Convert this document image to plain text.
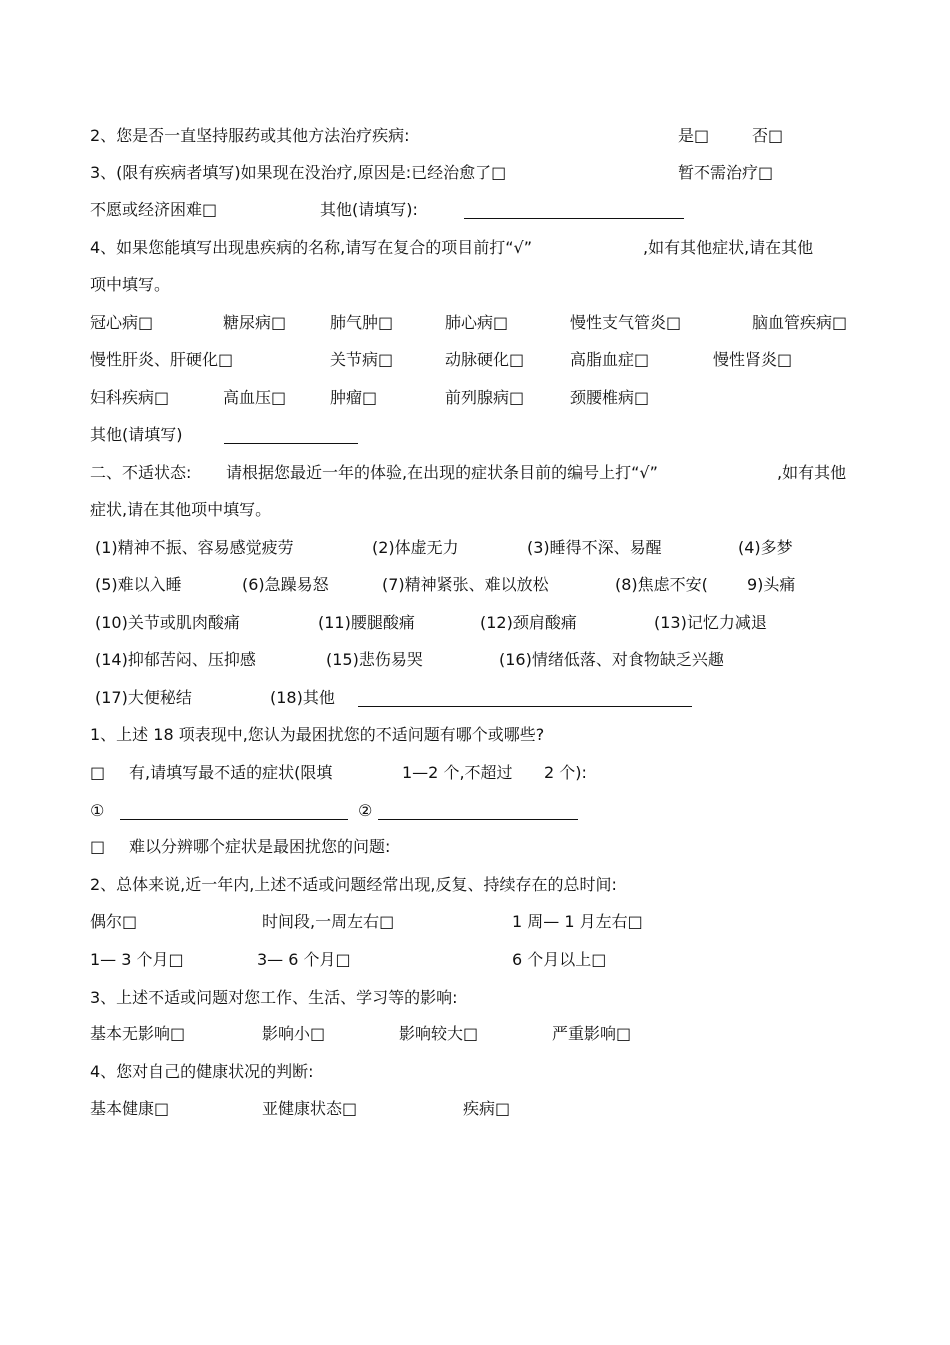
2、您是否一直坚持服药或其他方法治疗疾病:	是□	否□
3、(限有疾病者填写)如果现在没治疗,原因是:已经治愈了□	暂不需治疗□
不愿或经济困难□	其他(请填写):
4、如果您能填写出现患疾病的名称,请写在复合的项目前打“√”	,如有其他症状,请在其他
项中填写。
冠心病□	糖尿病□	肺气肿□	肺心病□	慢性支气管炎□	脑血管疾病□
慢性肝炎、肝硬化□	关节病□	动脉硬化□	高脂血症□	慢性肾炎□
妇科疾病□	高血压□	肿瘤□	前列腺病□	颈腰椎病□
其他(请填写)
二、不适状态: 请根据您最近一年的体验,在出现的症状条目前的编号上打“√”	,如有其他
症状,请在其他项中填写。
(1)精神不振、容易感觉疲劳	(2)体虚无力	(3)睡得不深、易醒	(4)多梦
(5)难以入睡	(6)急躁易怒	(7)精神紧张、难以放松	(8)焦虑不安( 9)头痛
(10)关节或肌肉酸痛	(11)腰腿酸痛	(12)颈肩酸痛	(13)记忆力减退
(14)抑郁苦闷、压抑感	(15)悲伤易哭	(16)情绪低落、对食物缺乏兴趣
(17)大便秘结	(18)其他
1、上述 18 项表现中,您认为最困扰您的不适问题有哪个或哪些?
□ 有,请填写最不适的症状(限填	1—2 个,不超过 2 个):
①	②
□ 难以分辨哪个症状是最困扰您的问题:
2、总体来说,近一年内,上述不适或问题经常出现,反复、持续存在的总时间:
偶尔□	时间段,一周左右□	1 周— 1 月左右□
1— 3 个月□	3— 6 个月□	6 个月以上□
3、上述不适或问题对您工作、生活、学习等的影响:
基本无影响□	影响小□	影响较大□	严重影响□
4、您对自己的健康状况的判断:
基本健康□	亚健康状态□	疾病□
